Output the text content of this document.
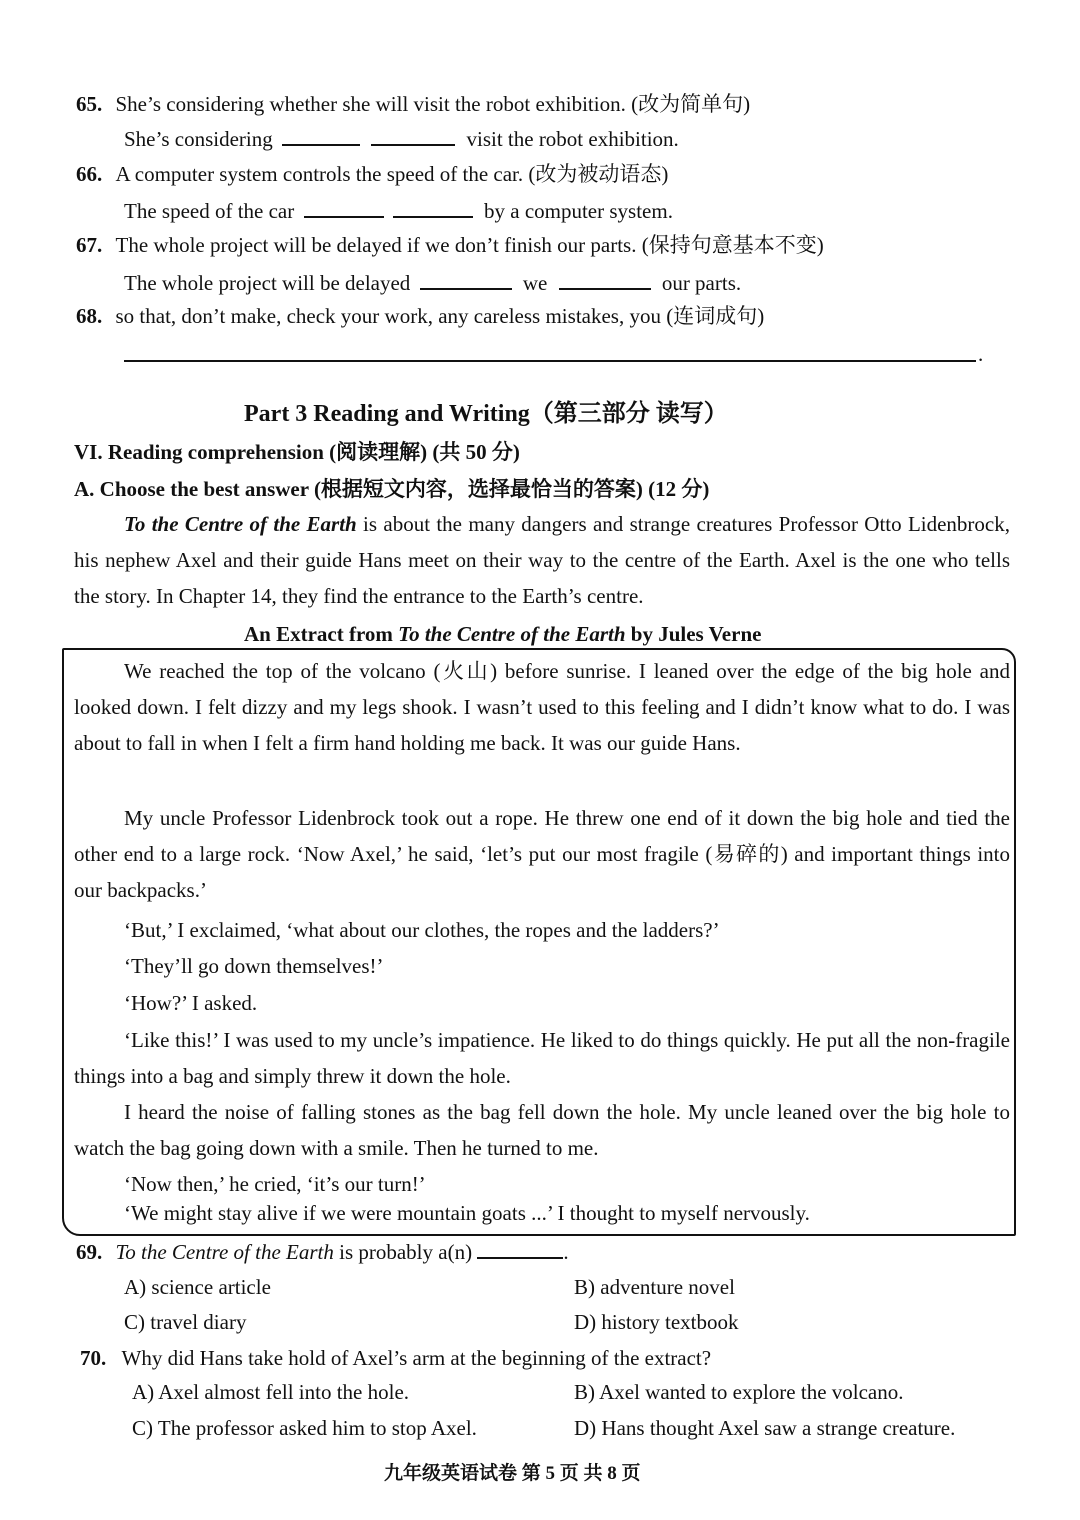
65. She’s considering whether she will visit the robot exhibition. (改为简单句)
She’s considering	visit the robot exhibition.
66. A computer system controls the speed of the car. (改为被动语态)
The speed of the car	by a computer system.
67. The whole project will be delayed if we don’t finish our parts. (保持句意基本不变)
The whole project will be delayed	we	our parts.
68. so that, don’t make, check your work, any careless mistakes, you (连词成句)
.
Part 3 Reading and Writing（第三部分 读写）
VI. Reading comprehension (阅读理解) (共 50 分)
A. Choose the best answer (根据短文内容，选择最恰当的答案) (12 分)
To the Centre of the Earth is about the many dangers and strange creatures Professor Otto Lidenbrock, his nephew Axel and their guide Hans meet on their way to the centre of the Earth. Axel is the one who tells the story. In Chapter 14, they find the entrance to the Earth’s centre.
An Extract from To the Centre of the Earth by Jules Verne
We reached the top of the volcano (火山) before sunrise. I leaned over the edge of the big hole and looked down. I felt dizzy and my legs shook. I wasn’t used to this feeling and I didn’t know what to do. I was about to fall in when I felt a firm hand holding me back. It was our guide Hans.
My uncle Professor Lidenbrock took out a rope. He threw one end of it down the big hole and tied the other end to a large rock. ‘Now Axel,’ he said, ‘let’s put our most fragile (易碎的) and important things into our backpacks.’
‘But,’ I exclaimed, ‘what about our clothes, the ropes and the ladders?’
‘They’ll go down themselves!’
‘How?’ I asked.
‘Like this!’ I was used to my uncle’s impatience. He liked to do things quickly. He put all the non-fragile things into a bag and simply threw it down the hole.
I heard the noise of falling stones as the bag fell down the hole. My uncle leaned over the big hole to watch the bag going down with a smile. Then he turned to me.
‘Now then,’ he cried, ‘it’s our turn!’
‘We might stay alive if we were mountain goats ...’ I thought to myself nervously.
69. To the Centre of the Earth is probably a(n)	.
A) science article	B) adventure novel
C) travel diary	D) history textbook
70. Why did Hans take hold of Axel’s arm at the beginning of the extract?
A) Axel almost fell into the hole.	B) Axel wanted to explore the volcano.
C) The professor asked him to stop Axel.	D) Hans thought Axel saw a strange creature.
九年级英语试卷 第 5 页 共 8 页
